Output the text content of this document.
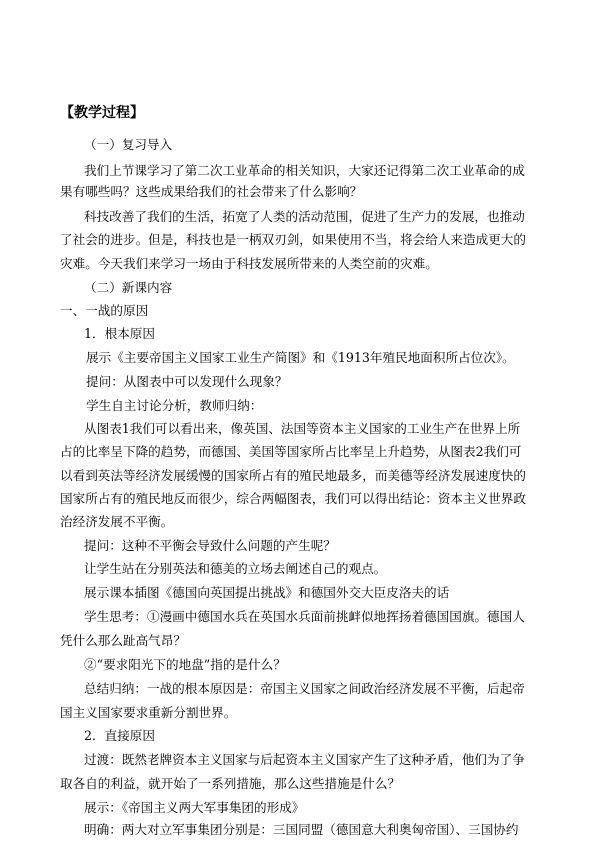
【教学过程】
（一）复习导入
我们上节课学习了第二次工业革命的相关知识，大家还记得第二次工业革命的成
果有哪些吗？这些成果给我们的社会带来了什么影响？
科技改善了我们的生活，拓宽了人类的活动范围，促进了生产力的发展，也推动
了社会的进步。但是，科技也是一柄双刃剑，如果使用不当，将会给人来造成更大的
灾难。今天我们来学习一场由于科技发展所带来的人类空前的灾难。
（二）新课内容
一、一战的原因
1．根本原因
展示《主要帝国主义国家工业生产简图》和《1913年殖民地面积所占位次》。
提问：从图表中可以发现什么现象？
学生自主讨论分析，教师归纳：
从图表1我们可以看出来，像英国、法国等资本主义国家的工业生产在世界上所
占的比率呈下降的趋势，而德国、美国等国家所占比率呈上升趋势，从图表2我们可
以看到英法等经济发展缓慢的国家所占有的殖民地最多，而美德等经济发展速度快的
国家所占有的殖民地反而很少，综合两幅图表，我们可以得出结论：资本主义世界政
治经济发展不平衡。
提问：这种不平衡会导致什么问题的产生呢？
让学生站在分别英法和德美的立场去阐述自己的观点。
展示课本插图《德国向英国提出挑战》和德国外交大臣皮洛夫的话
学生思考：①漫画中德国水兵在英国水兵面前挑衅似地挥扬着德国国旗。德国人
凭什么那么趾高气昂？
②“要求阳光下的地盘”指的是什么？
总结归纳：一战的根本原因是：帝国主义国家之间政治经济发展不平衡，后起帝
国主义国家要求重新分割世界。
2．直接原因
过渡：既然老牌资本主义国家与后起资本主义国家产生了这种矛盾，他们为了争
取各自的利益，就开始了一系列措施，那么这些措施是什么？
展示：《帝国主义两大军事集团的形成》
明确：两大对立军事集团分别是：三国同盟（德国意大利奥匈帝国）、三国协约
